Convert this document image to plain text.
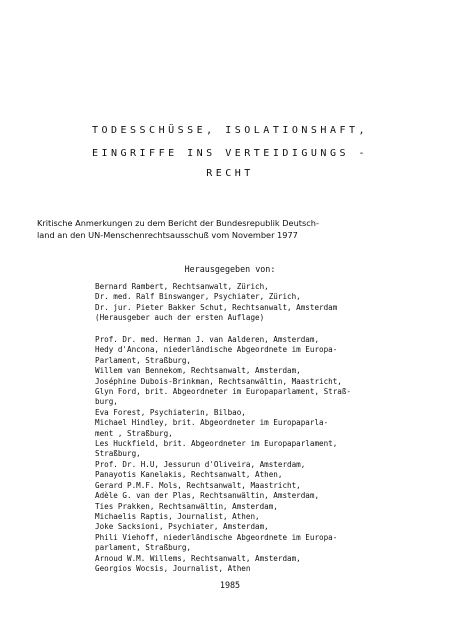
TODESSCHÜSSE, ISOLATIONSHAFT,
EINGRIFFE INS VERTEIDIGUNGS -
RECHT
Kritische Anmerkungen zu dem Bericht der Bundesrepublik Deutsch-
land an den UN-Menschenrechtsausschuß vom November 1977
Herausgegeben von:
Bernard Rambert, Rechtsanwalt, Zürich,
Dr. med. Ralf Binswanger, Psychiater, Zürich,
Dr. jur. Pieter Bakker Schut, Rechtsanwalt, Amsterdam
(Herausgeber auch der ersten Auflage)
Prof. Dr. med. Herman J. van Aalderen, Amsterdam,
Hedy d'Ancona, niederländische Abgeordnete im Europa-
Parlament, Straßburg,
Willem van Bennekom, Rechtsanwalt, Amsterdam,
Joséphine Dubois-Brinkman, Rechtsanwältin, Maastricht,
Glyn Ford, brit. Abgeordneter im Europaparlament, Straß-
burg,
Eva Forest, Psychiaterin, Bilbao,
Michael Hindley, brit. Abgeordneter im Europaparla-
ment , Straßburg,
Les Huckfield, brit. Abgeordneter im Europaparlament,
Straßburg,
Prof. Dr. H.U, Jessurun d'Oliveira, Amsterdam,
Panayotis Kanelakis, Rechtsanwalt, Athen,
Gerard P.M.F. Mols, Rechtsanwalt, Maastricht,
Adèle G. van der Plas, Rechtsanwältin, Amsterdam,
Ties Prakken, Rechtsanwältin, Amsterdam,
Michaelis Raptis, Journalist, Athen,
Joke Sacksioni, Psychiater, Amsterdam,
Phili Viehoff, niederländische Abgeordnete im Europa-
parlament, Straßburg,
Arnoud W.M. Willems, Rechtsanwalt, Amsterdam,
Georgios Wocsis, Journalist, Athen
1985
